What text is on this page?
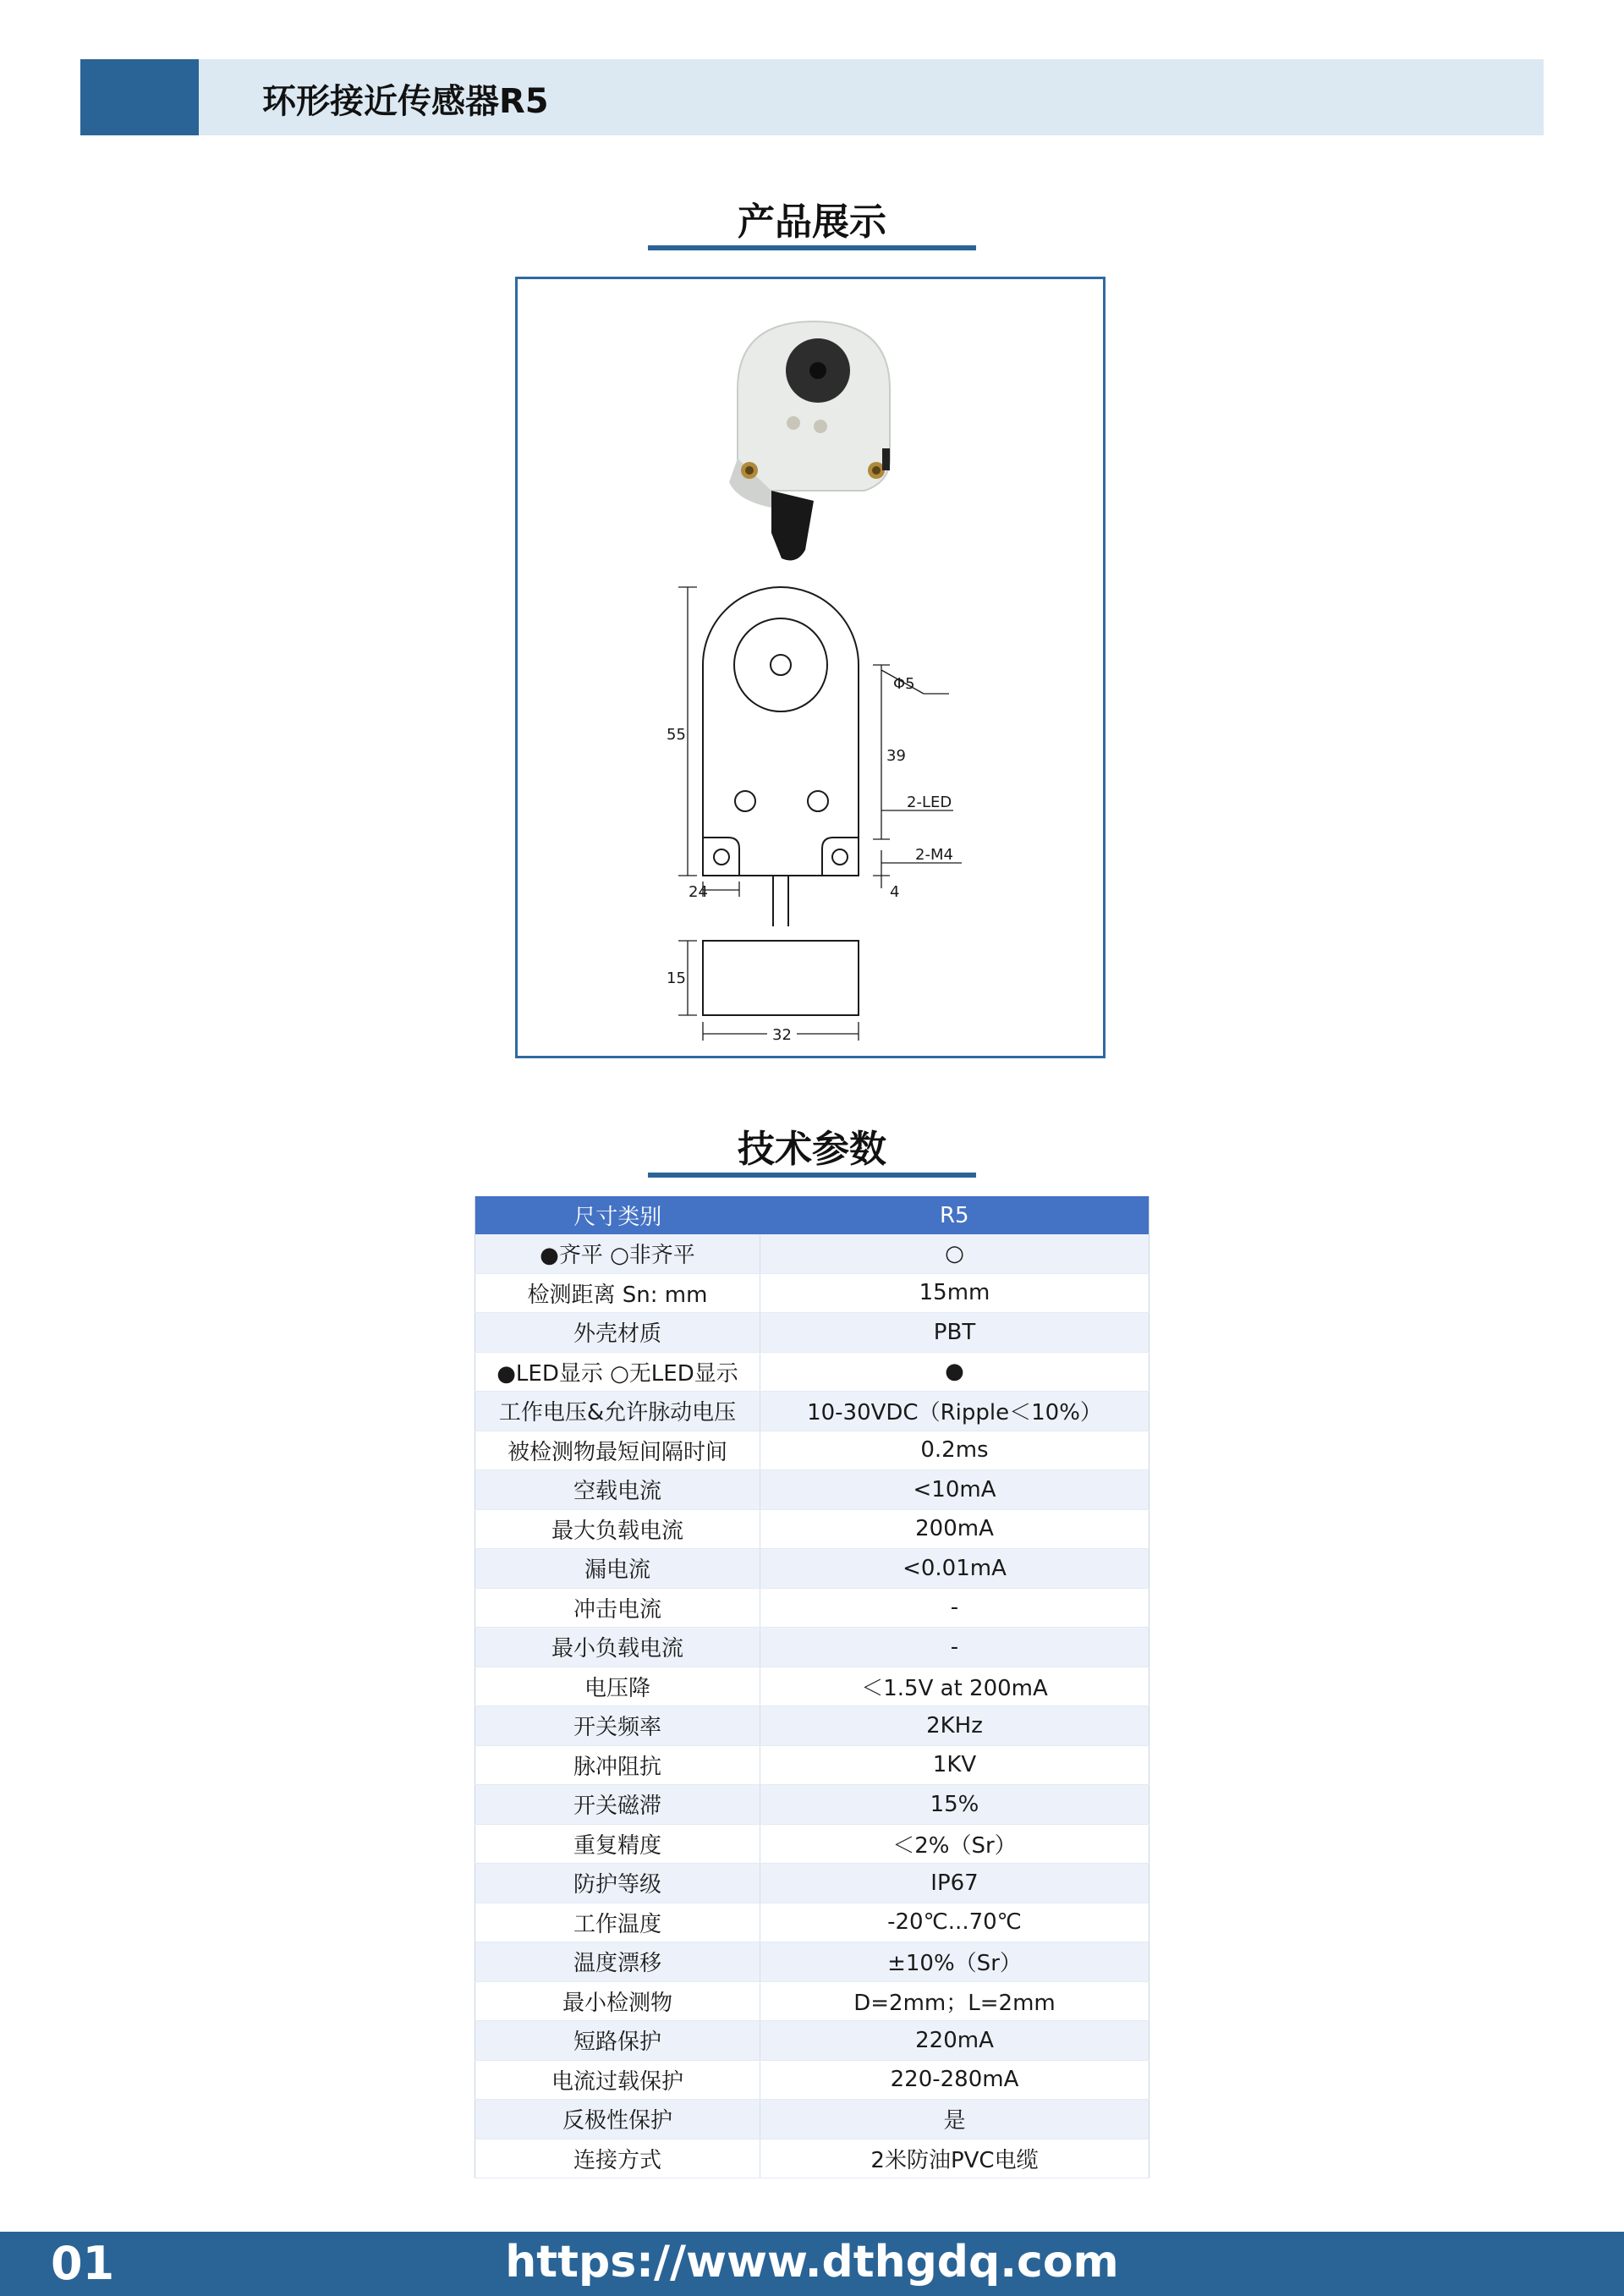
环形接近传感器R5
产品展示
55
39
Φ5
2-LED
2-M4
24	4
15
32
技术参数
尺寸类别	R5
●齐平 ○非齐平	○
检测距离 Sn: mm	15mm
外壳材质	PBT
●LED显示 ○无LED显示	●
工作电压&允许脉动电压	10-30VDC（Ripple＜10%）
被检测物最短间隔时间	0.2ms
空载电流	<10mA
最大负载电流	200mA
漏电流	<0.01mA
冲击电流	-
最小负载电流	-
电压降	＜1.5V at 200mA
开关频率	2KHz
脉冲阻抗	1KV
开关磁滞	15%
重复精度	＜2%（Sr）
防护等级	IP67
工作温度	-20℃...70℃
温度漂移	±10%（Sr）
最小检测物	D=2mm；L=2mm
短路保护	220mA
电流过载保护	220-280mA
反极性保护	是
连接方式	2米防油PVC电缆
https://www.dthgdq.com
01
